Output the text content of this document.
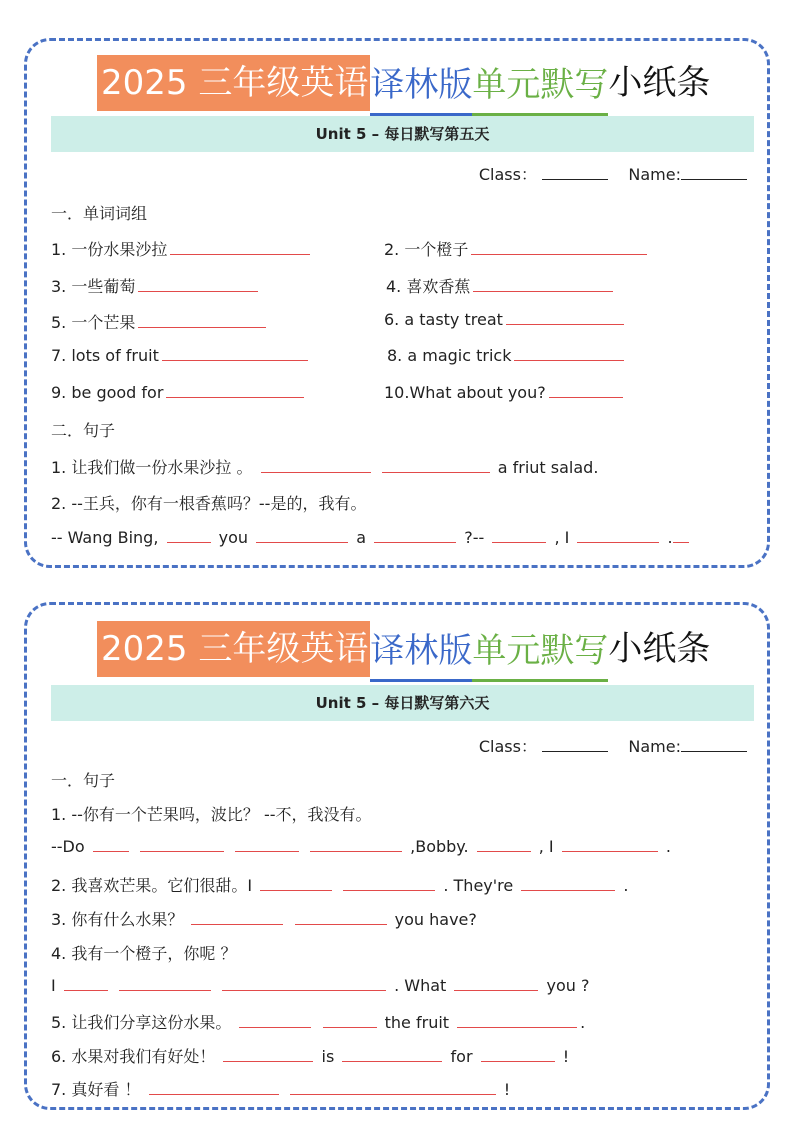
2025 三年级英语 译林版 单元默写 小纸条
Unit 5 – 每日默写第五天
Class：	Name:
一．单词词组
1. 一份水果沙拉	2. 一个橙子
3. 一些葡萄	4. 喜欢香蕉
5. 一个芒果	6. a tasty treat
7. lots of fruit	8. a magic trick
9. be good for	10.What about you?
二．句子
1. 让我们做一份水果沙拉 。	a friut salad.
2. --王兵，你有一根香蕉吗？--是的，我有。
-- Wang Bing,	you	a	?--	, I	.
2025 三年级英语 译林版 单元默写 小纸条
Unit 5 – 每日默写第六天
Class：	Name:
一．句子
1. --你有一个芒果吗，波比？ --不，我没有。
--Do	,Bobby.	, I	.
2. 我喜欢芒果。它们很甜。I	. They're	.
3. 你有什么水果？	you have?
4. 我有一个橙子，你呢 ？
I	. What	you ?
5. 让我们分享这份水果。	the fruit	.
6. 水果对我们有好处！	is	for	!
7. 真好看 ！	!
